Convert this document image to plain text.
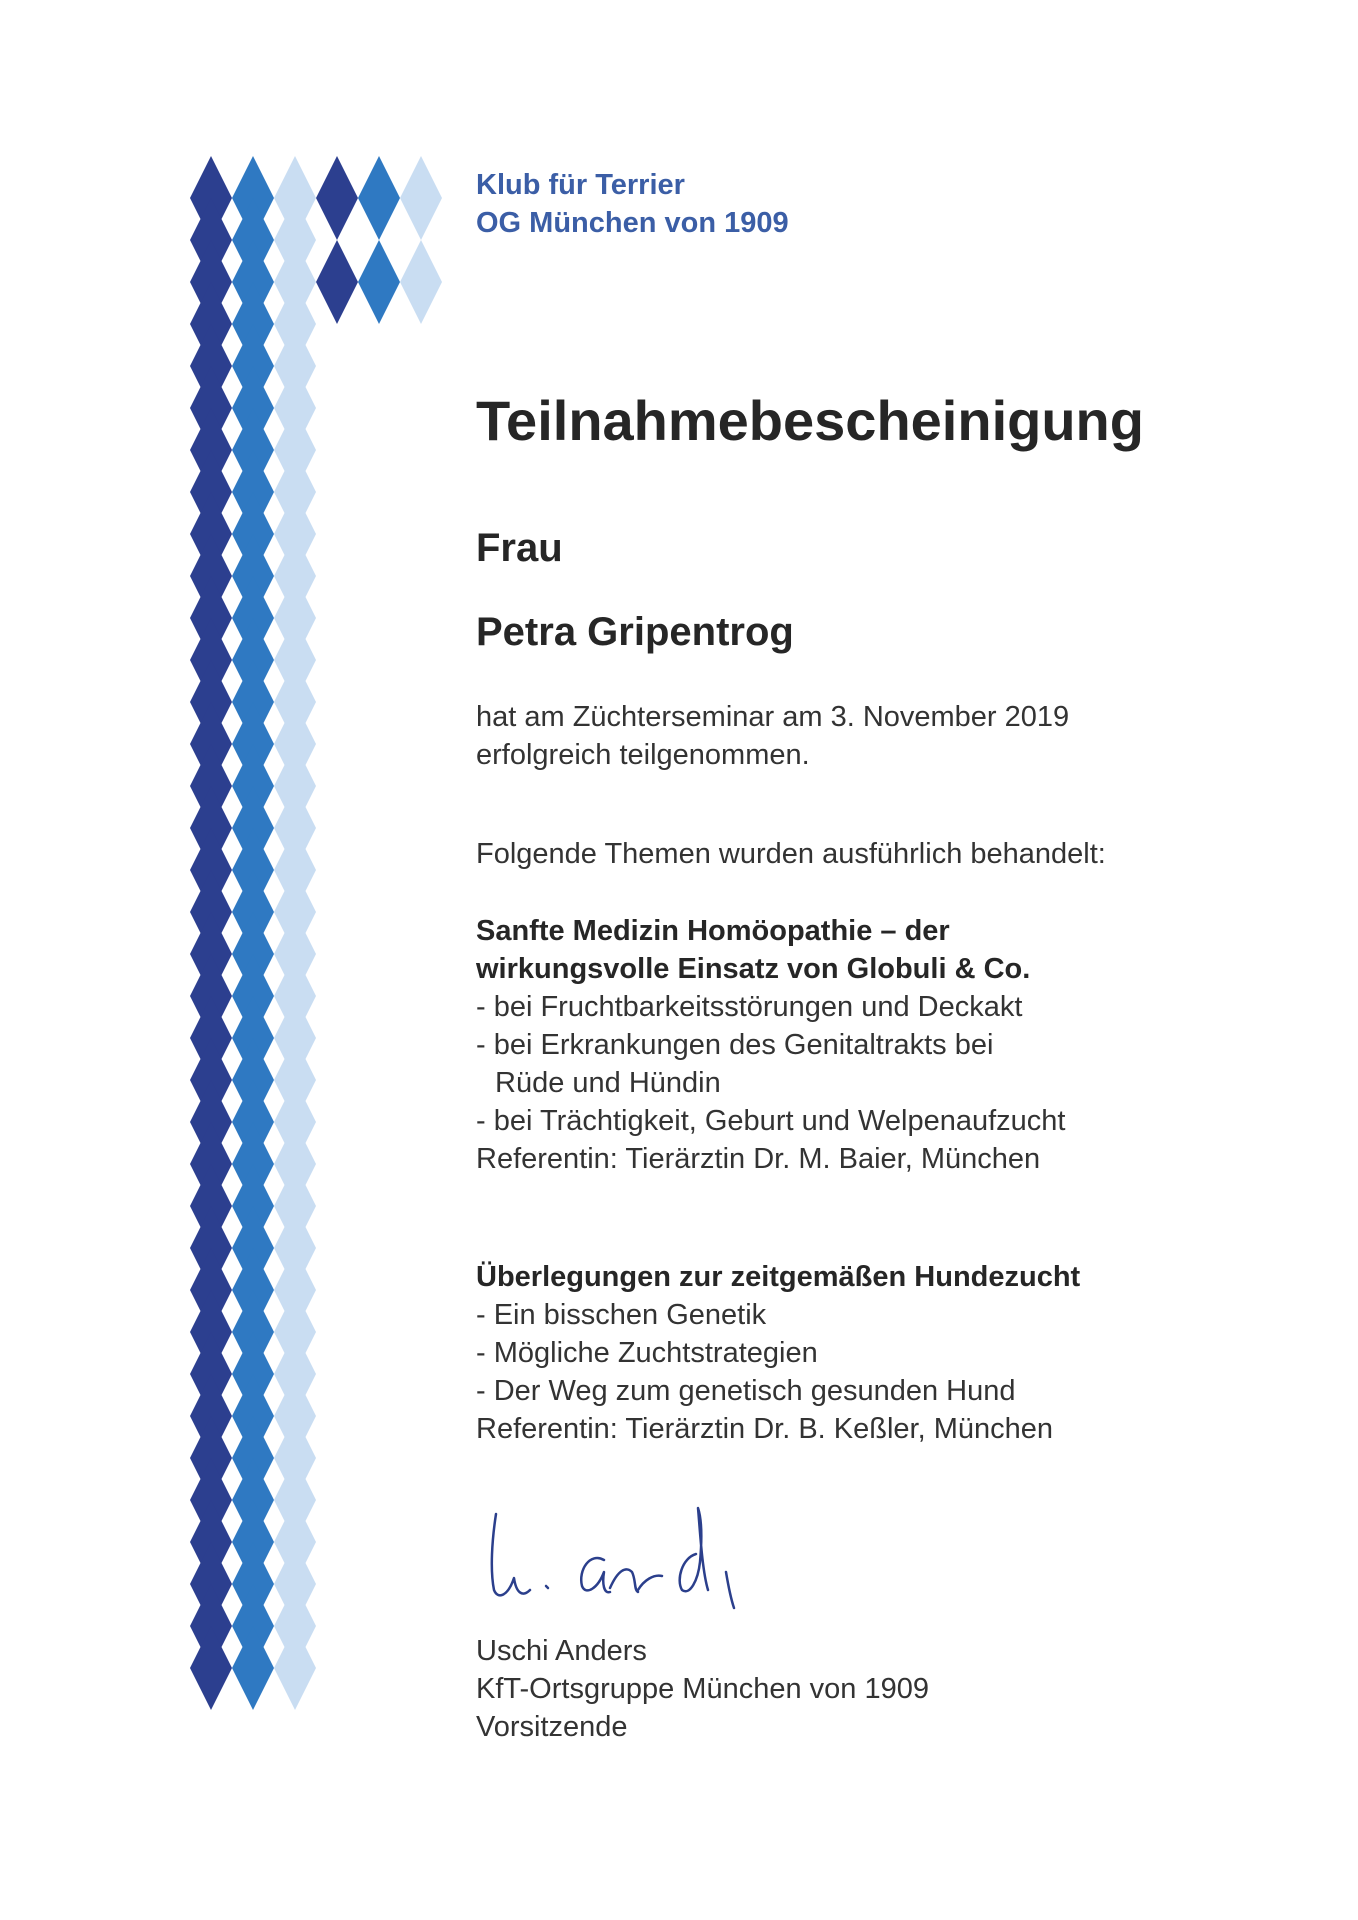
Klub für Terrier
OG München von 1909
Teilnahmebescheinigung
Frau
Petra Gripentrog
hat am Züchterseminar am 3. November 2019
erfolgreich teilgenommen.
Folgende Themen wurden ausführlich behandelt:
Sanfte Medizin Homöopathie – der
wirkungsvolle Einsatz von Globuli & Co.
- bei Fruchtbarkeitsstörungen und Deckakt
- bei Erkrankungen des Genitaltrakts bei
Rüde und Hündin
- bei Trächtigkeit, Geburt und Welpenaufzucht
Referentin: Tierärztin Dr. M. Baier, München
Überlegungen zur zeitgemäßen Hundezucht
- Ein bisschen Genetik
- Mögliche Zuchtstrategien
- Der Weg zum genetisch gesunden Hund
Referentin: Tierärztin Dr. B. Keßler, München
Uschi Anders
KfT-Ortsgruppe München von 1909
Vorsitzende
